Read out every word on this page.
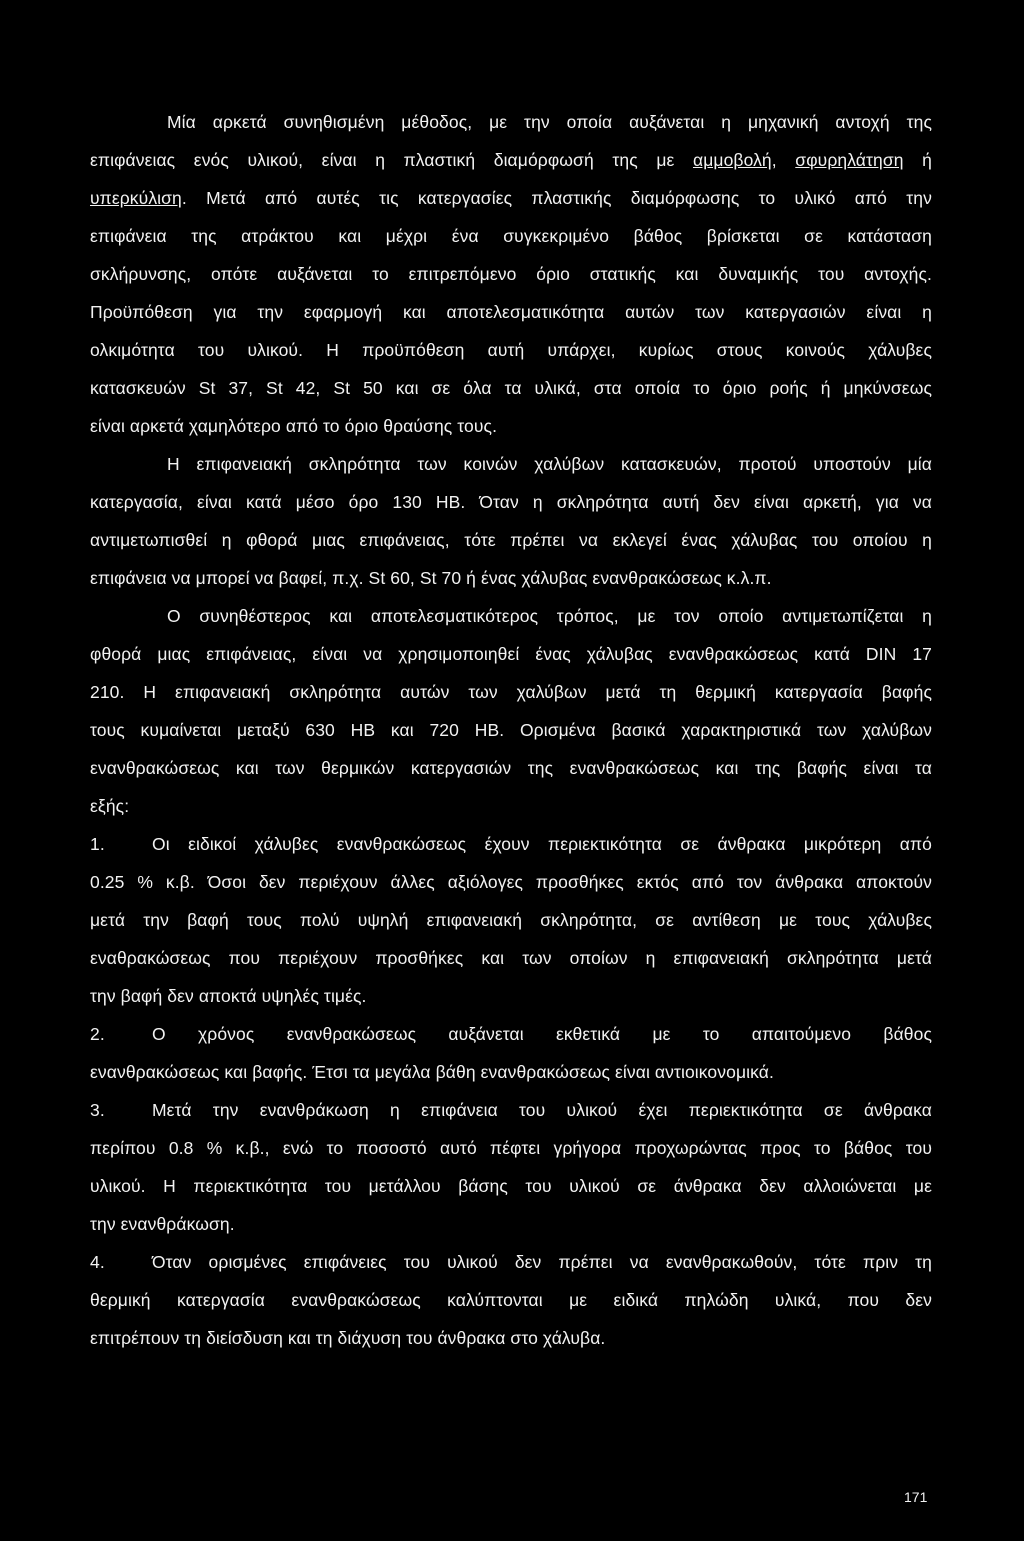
Μία αρκετά συνηθισμένη μέθοδος, με την οποία αυξάνεται η μηχανική αντοχή της
επιφάνειας ενός υλικού, είναι η πλαστική διαμόρφωσή της με αμμοβολή, σφυρηλάτηση ή
υπερκύλιση. Μετά από αυτές τις κατεργασίες πλαστικής διαμόρφωσης το υλικό από την
επιφάνεια της ατράκτου και μέχρι ένα συγκεκριμένο βάθος βρίσκεται σε κατάσταση
σκλήρυνσης, οπότε αυξάνεται το επιτρεπόμενο όριο στατικής και δυναμικής του αντοχής.
Προϋπόθεση για την εφαρμογή και αποτελεσματικότητα αυτών των κατεργασιών είναι η
ολκιμότητα του υλικού. Η προϋπόθεση αυτή υπάρχει, κυρίως στους κοινούς χάλυβες
κατασκευών St 37, St 42, St 50 και σε όλα τα υλικά, στα οποία το όριο ροής ή μηκύνσεως
είναι αρκετά χαμηλότερο από το όριο θραύσης τους.
Η επιφανειακή σκληρότητα των κοινών χαλύβων κατασκευών, προτού υποστούν μία
κατεργασία, είναι κατά μέσο όρο 130 ΗΒ. Όταν η σκληρότητα αυτή δεν είναι αρκετή, για να
αντιμετωπισθεί η φθορά μιας επιφάνειας, τότε πρέπει να εκλεγεί ένας χάλυβας του οποίου η
επιφάνεια να μπορεί να βαφεί, π.χ. St 60, St 70 ή ένας χάλυβας ενανθρακώσεως κ.λ.π.
Ο συνηθέστερος και αποτελεσματικότερος τρόπος, με τον οποίο αντιμετωπίζεται η
φθορά μιας επιφάνειας, είναι να χρησιμοποιηθεί ένας χάλυβας ενανθρακώσεως κατά DIN 17
210. Η επιφανειακή σκληρότητα αυτών των χαλύβων μετά τη θερμική κατεργασία βαφής
τους κυμαίνεται μεταξύ 630 ΗΒ και 720 ΗΒ. Ορισμένα βασικά χαρακτηριστικά των χαλύβων
ενανθρακώσεως και των θερμικών κατεργασιών της ενανθρακώσεως και της βαφής είναι τα
εξής:
1.	Οι ειδικοί χάλυβες ενανθρακώσεως έχουν περιεκτικότητα σε άνθρακα μικρότερη από
0.25 % κ.β. Όσοι δεν περιέχουν άλλες αξιόλογες προσθήκες εκτός από τον άνθρακα αποκτούν
μετά την βαφή τους πολύ υψηλή επιφανειακή σκληρότητα, σε αντίθεση με τους χάλυβες
εναθρακώσεως που περιέχουν προσθήκες και των οποίων η επιφανειακή σκληρότητα μετά
την βαφή δεν αποκτά υψηλές τιμές.
2.	Ο χρόνος ενανθρακώσεως αυξάνεται εκθετικά με το απαιτούμενο βάθος
ενανθρακώσεως και βαφής. Έτσι τα μεγάλα βάθη ενανθρακώσεως είναι αντιοικονομικά.
3.	Μετά την ενανθράκωση η επιφάνεια του υλικού έχει περιεκτικότητα σε άνθρακα
περίπου 0.8 % κ.β., ενώ το ποσοστό αυτό πέφτει γρήγορα προχωρώντας προς το βάθος του
υλικού. Η περιεκτικότητα του μετάλλου βάσης του υλικού σε άνθρακα δεν αλλοιώνεται με
την ενανθράκωση.
4.	Όταν ορισμένες επιφάνειες του υλικού δεν πρέπει να ενανθρακωθούν, τότε πριν τη
θερμική κατεργασία ενανθρακώσεως καλύπτονται με ειδικά πηλώδη υλικά, που δεν
επιτρέπουν τη διείσδυση και τη διάχυση του άνθρακα στο χάλυβα.
171
